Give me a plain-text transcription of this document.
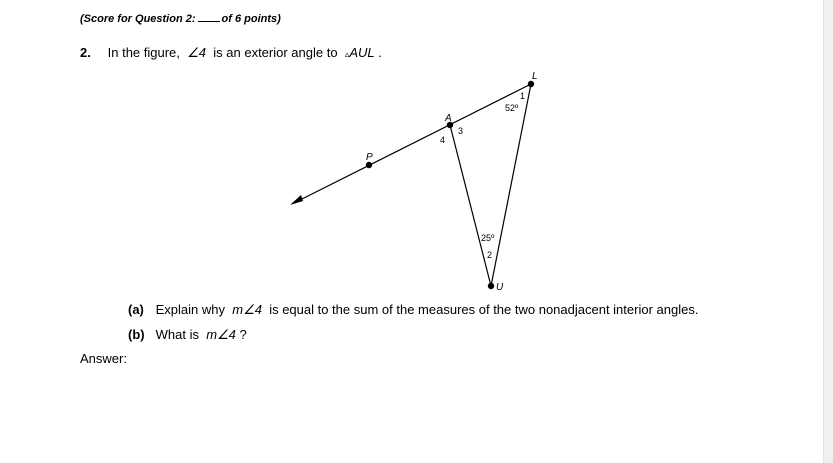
(Score for Question 2: of 6 points)
2. In the figure, ∠4 is an exterior angle to ▵AUL .
L
A
P
U
1
52º
3
4
25º
2
(a) Explain why m∠4 is equal to the sum of the measures of the two nonadjacent interior angles.
(b) What is m∠4 ?
Answer:
